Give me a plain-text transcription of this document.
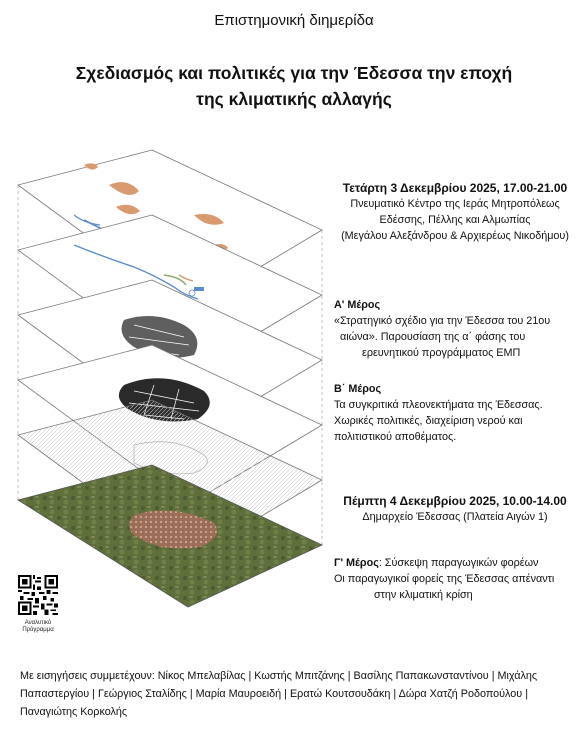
Επιστημονική διημερίδα
Σχεδιασμός και πολιτικές για την Έδεσσα την εποχή
της κλιματικής αλλαγής
Τετάρτη 3 Δεκεμβρίου 2025, 17.00-21.00
Πνευματικό Κέντρο της Ιεράς Μητροπόλεως
Εδέσσης, Πέλλης και Αλμωπίας
(Μεγάλου Αλεξάνδρου & Αρχιερέως Νικοδήμου)
Α' Μέρος
«Στρατηγικό σχέδιο για την Έδεσσα του 21ου
αιώνα». Παρουσίαση της α΄ φάσης του
ερευνητικού προγράμματος ΕΜΠ
Β΄ Μέρος
Τα συγκριτικά πλεονεκτήματα της Έδεσσας.
Χωρικές πολιτικές, διαχείριση νερού και
πολιτιστικού αποθέματος.
Πέμπτη 4 Δεκεμβρίου 2025, 10.00-14.00
Δημαρχείο Έδεσσας (Πλατεία Αιγών 1)
Γ' Μέρος: Σύσκεψη παραγωγικών φορέων
Οι παραγωγικοί φορείς της Έδεσσας απέναντι
στην κλιματική κρίση
Αναλυτικό
Πρόγραμμα
Με εισηγήσεις συμμετέχουν: Νίκος Μπελαβίλας | Κωστής Μπιτζάνης | Βασίλης Παπακωνσταντίνου | Μιχάλης
Παπαστεργίου | Γεώργιος Σταλίδης | Μαρία Μαυροειδή | Ερατώ Κουτσουδάκη | Δώρα Χατζή Ροδοπούλου |
Παναγιώτης Κορκολής
